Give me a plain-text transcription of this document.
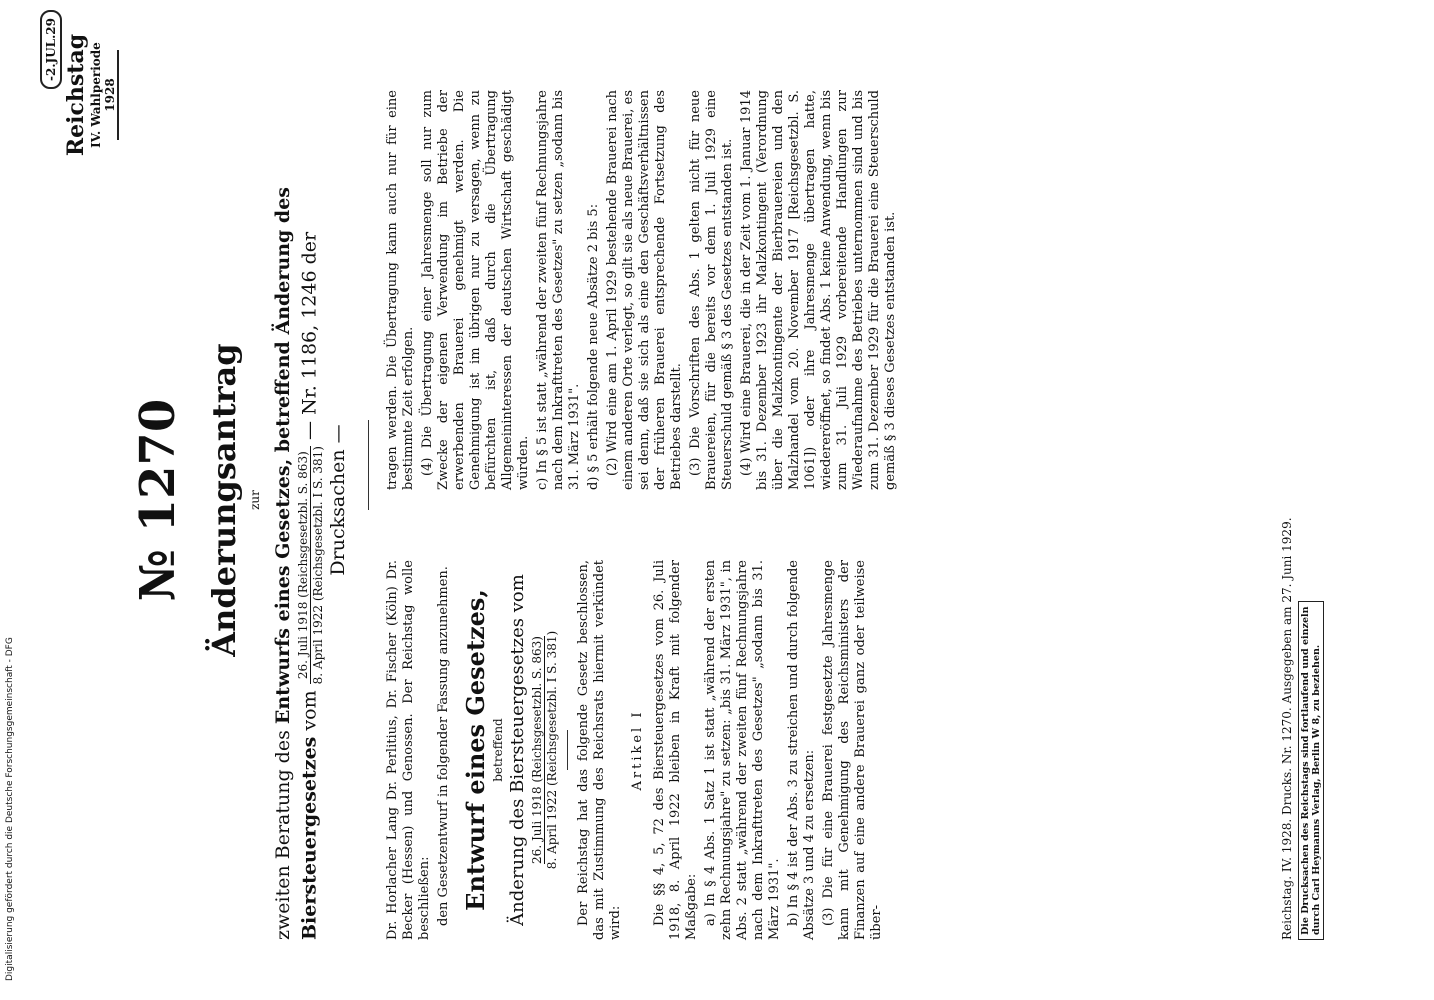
-2.JUL.29 Reichstag IV. Wahlperiode 1928
№ 1270 Änderungsantrag zur
zweiten Beratung des Entwurfs eines Gesetzes, betreffend Änderung des
Biersteuergesetzes vom
26. Juli 1918 (Reichsgesetzbl. S. 863) 8. April 1922 (Reichsgesetzbl. I S. 381)
— Nr. 1186, 1246 der
Drucksachen —

Dr. Horlacher Lang Dr. Perlitius, Dr. Fischer (Köln) Dr. Becker (Hessen) und Genossen. Der Reichstag wolle beschließen: den Gesetzentwurf in folgender Fassung anzunehmen. Entwurf eines Gesetzes, betreffend Änderung des Biersteuergesetzes vom 26. Juli 1918 (Reichsgesetzbl. S. 863)
8. April 1922 (Reichsgesetzbl. I S. 381) Der Reichstag hat das folgende Gesetz beschlossen, das mit Zustimmung des Reichsrats hiermit verkündet wird:

Artikel I Die §§ 4, 5, 72 des Biersteuergesetzes vom 26. Juli 1918, 8. April 1922 bleiben in Kraft mit folgender Maßgabe: a) In § 4 Abs. 1 Satz 1 ist statt „während der ersten zehn Rechnungsjahre" zu setzen: „bis 31. März 1931", in Abs. 2 statt „während der zweiten fünf Rechnungsjahre nach dem Inkrafttreten des Gesetzes" „sodann bis 31. März 1931". b) In § 4 ist der Abs. 3 zu streichen und durch folgende Absätze 3 und 4 zu ersetzen: (3) Die für eine Brauerei festgesetzte Jahresmenge kann mit Genehmigung des Reichsministers der Finanzen auf eine andere Brauerei ganz oder teilweise über-

tragen werden. Die Übertragung kann auch nur für eine bestimmte Zeit erfolgen. (4) Die Übertragung einer Jahresmenge soll nur zum Zwecke der eigenen Verwendung im Betriebe der erwerbenden Brauerei genehmigt werden. Die Genehmigung ist im übrigen nur zu versagen, wenn zu befürchten ist, daß durch die Übertragung Allgemeininteressen der deutschen Wirtschaft geschädigt würden. c) In § 5 ist statt „während der zweiten fünf Rechnungsjahre nach dem Inkrafttreten des Gesetzes" zu setzen „sodann bis 31. März 1931". d) § 5 erhält folgende neue Absätze 2 bis 5: (2) Wird eine am 1. April 1929 bestehende Brauerei nach einem anderen Orte verlegt, so gilt sie als neue Brauerei, es sei denn, daß sie sich als eine den Geschäftsverhältnissen der früheren Brauerei entsprechende Fortsetzung des Betriebes darstellt. (3) Die Vorschriften des Abs. 1 gelten nicht für neue Brauereien, für die bereits vor dem 1. Juli 1929 eine Steuerschuld gemäß § 3 des Gesetzes entstanden ist. (4) Wird eine Brauerei, die in der Zeit vom 1. Januar 1914 bis 31. Dezember 1923 ihr Malzkontingent (Verordnung über die Malzkontingente der Bierbrauereien und den Malzhandel vom 20. November 1917 [Reichsgesetzbl. S. 1061]) oder ihre Jahresmenge übertragen hatte, wiedereröffnet, so findet Abs. 1 keine Anwendung, wenn bis zum 31. Juli 1929 vorbereitende Handlungen zur Wiederaufnahme des Betriebes unternommen sind und bis zum 31. Dezember 1929 für die Brauerei eine Steuerschuld gemäß § 3 dieses Gesetzes entstanden ist.

Reichstag. IV. 1928. Drucks. Nr. 1270. Ausgegeben am 27. Juni 1929. Die Drucksachen des Reichstags sind fortlaufend und einzeln durch Carl Heymanns Verlag, Berlin W 8, zu beziehen.
Digitalisierung gefördert durch die Deutsche Forschungsgemeinschaft - DFG
